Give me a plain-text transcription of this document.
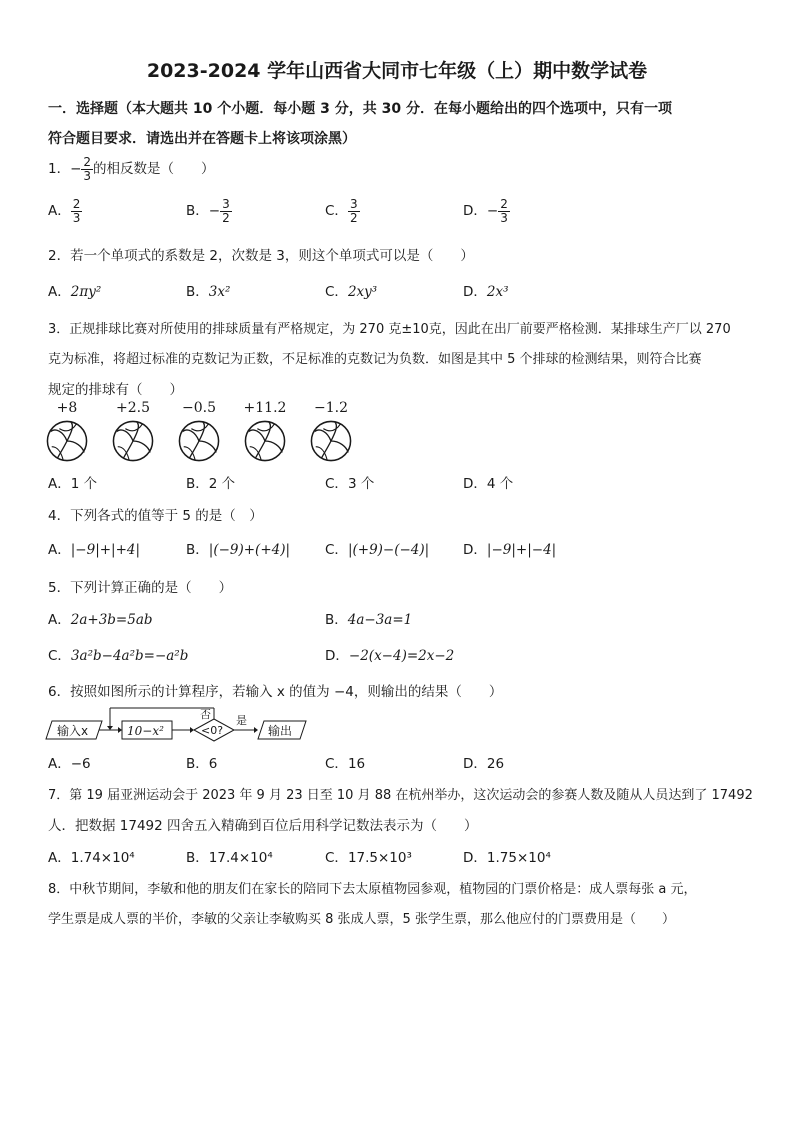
2023-2024 学年山西省大同市七年级（上）期中数学试卷
一．选择题（本大题共 10 个小题．每小题 3 分，共 30 分．在每小题给出的四个选项中，只有一项
符合题目要求．请选出并在答题卡上将该项涂黑）
1．− $\frac{2}{3}$ 的相反数是（　　）
A． $\frac{2}{3}$	B．− $\frac{3}{2}$	C． $\frac{3}{2}$	D．− $\frac{2}{3}$
2．若一个单项式的系数是 2，次数是 3，则这个单项式可以是（　　）
A．2πy²	B．3x²	C．2xy³	D．2x³
3．正规排球比赛对所使用的排球质量有严格规定，为 270 克±10克，因此在出厂前要严格检测．某排球生产厂以 270
克为标准，将超过标准的克数记为正数，不足标准的克数记为负数．如图是其中 5 个排球的检测结果，则符合比赛
规定的排球有（　　）
+8	+2.5	−0.5	+11.2	−1.2
A．1 个	B．2 个	C．3 个	D．4 个
4．下列各式的值等于 5 的是（　）
A．|−9|+|+4|	B．|(−9)+(+4)|	C．|(+9)−(−4)|	D．|−9|+|−4|
5．下列计算正确的是（　　）
A．2a+3b=5ab	B．4a−3a=1
C．3a²b−4a²b=−a²b	D．−2(x−4)=2x−2
6．按照如图所示的计算程序，若输入 x 的值为 −4，则输出的结果（　　）
输入x	10−x²	<0?
否 是
输出
A．−6	B．6	C．16	D．26
7．第 19 届亚洲运动会于 2023 年 9 月 23 日至 10 月 88 在杭州举办，这次运动会的参赛人数及随从人员达到了 17492
人．把数据 17492 四舍五入精确到百位后用科学记数法表示为（　　）
A．1.74×10⁴	B．17.4×10⁴	C．17.5×10³	D．1.75×10⁴
8．中秋节期间，李敏和他的朋友们在家长的陪同下去太原植物园参观，植物园的门票价格是：成人票每张 a 元，
学生票是成人票的半价，李敏的父亲让李敏购买 8 张成人票，5 张学生票，那么他应付的门票费用是（　　）
